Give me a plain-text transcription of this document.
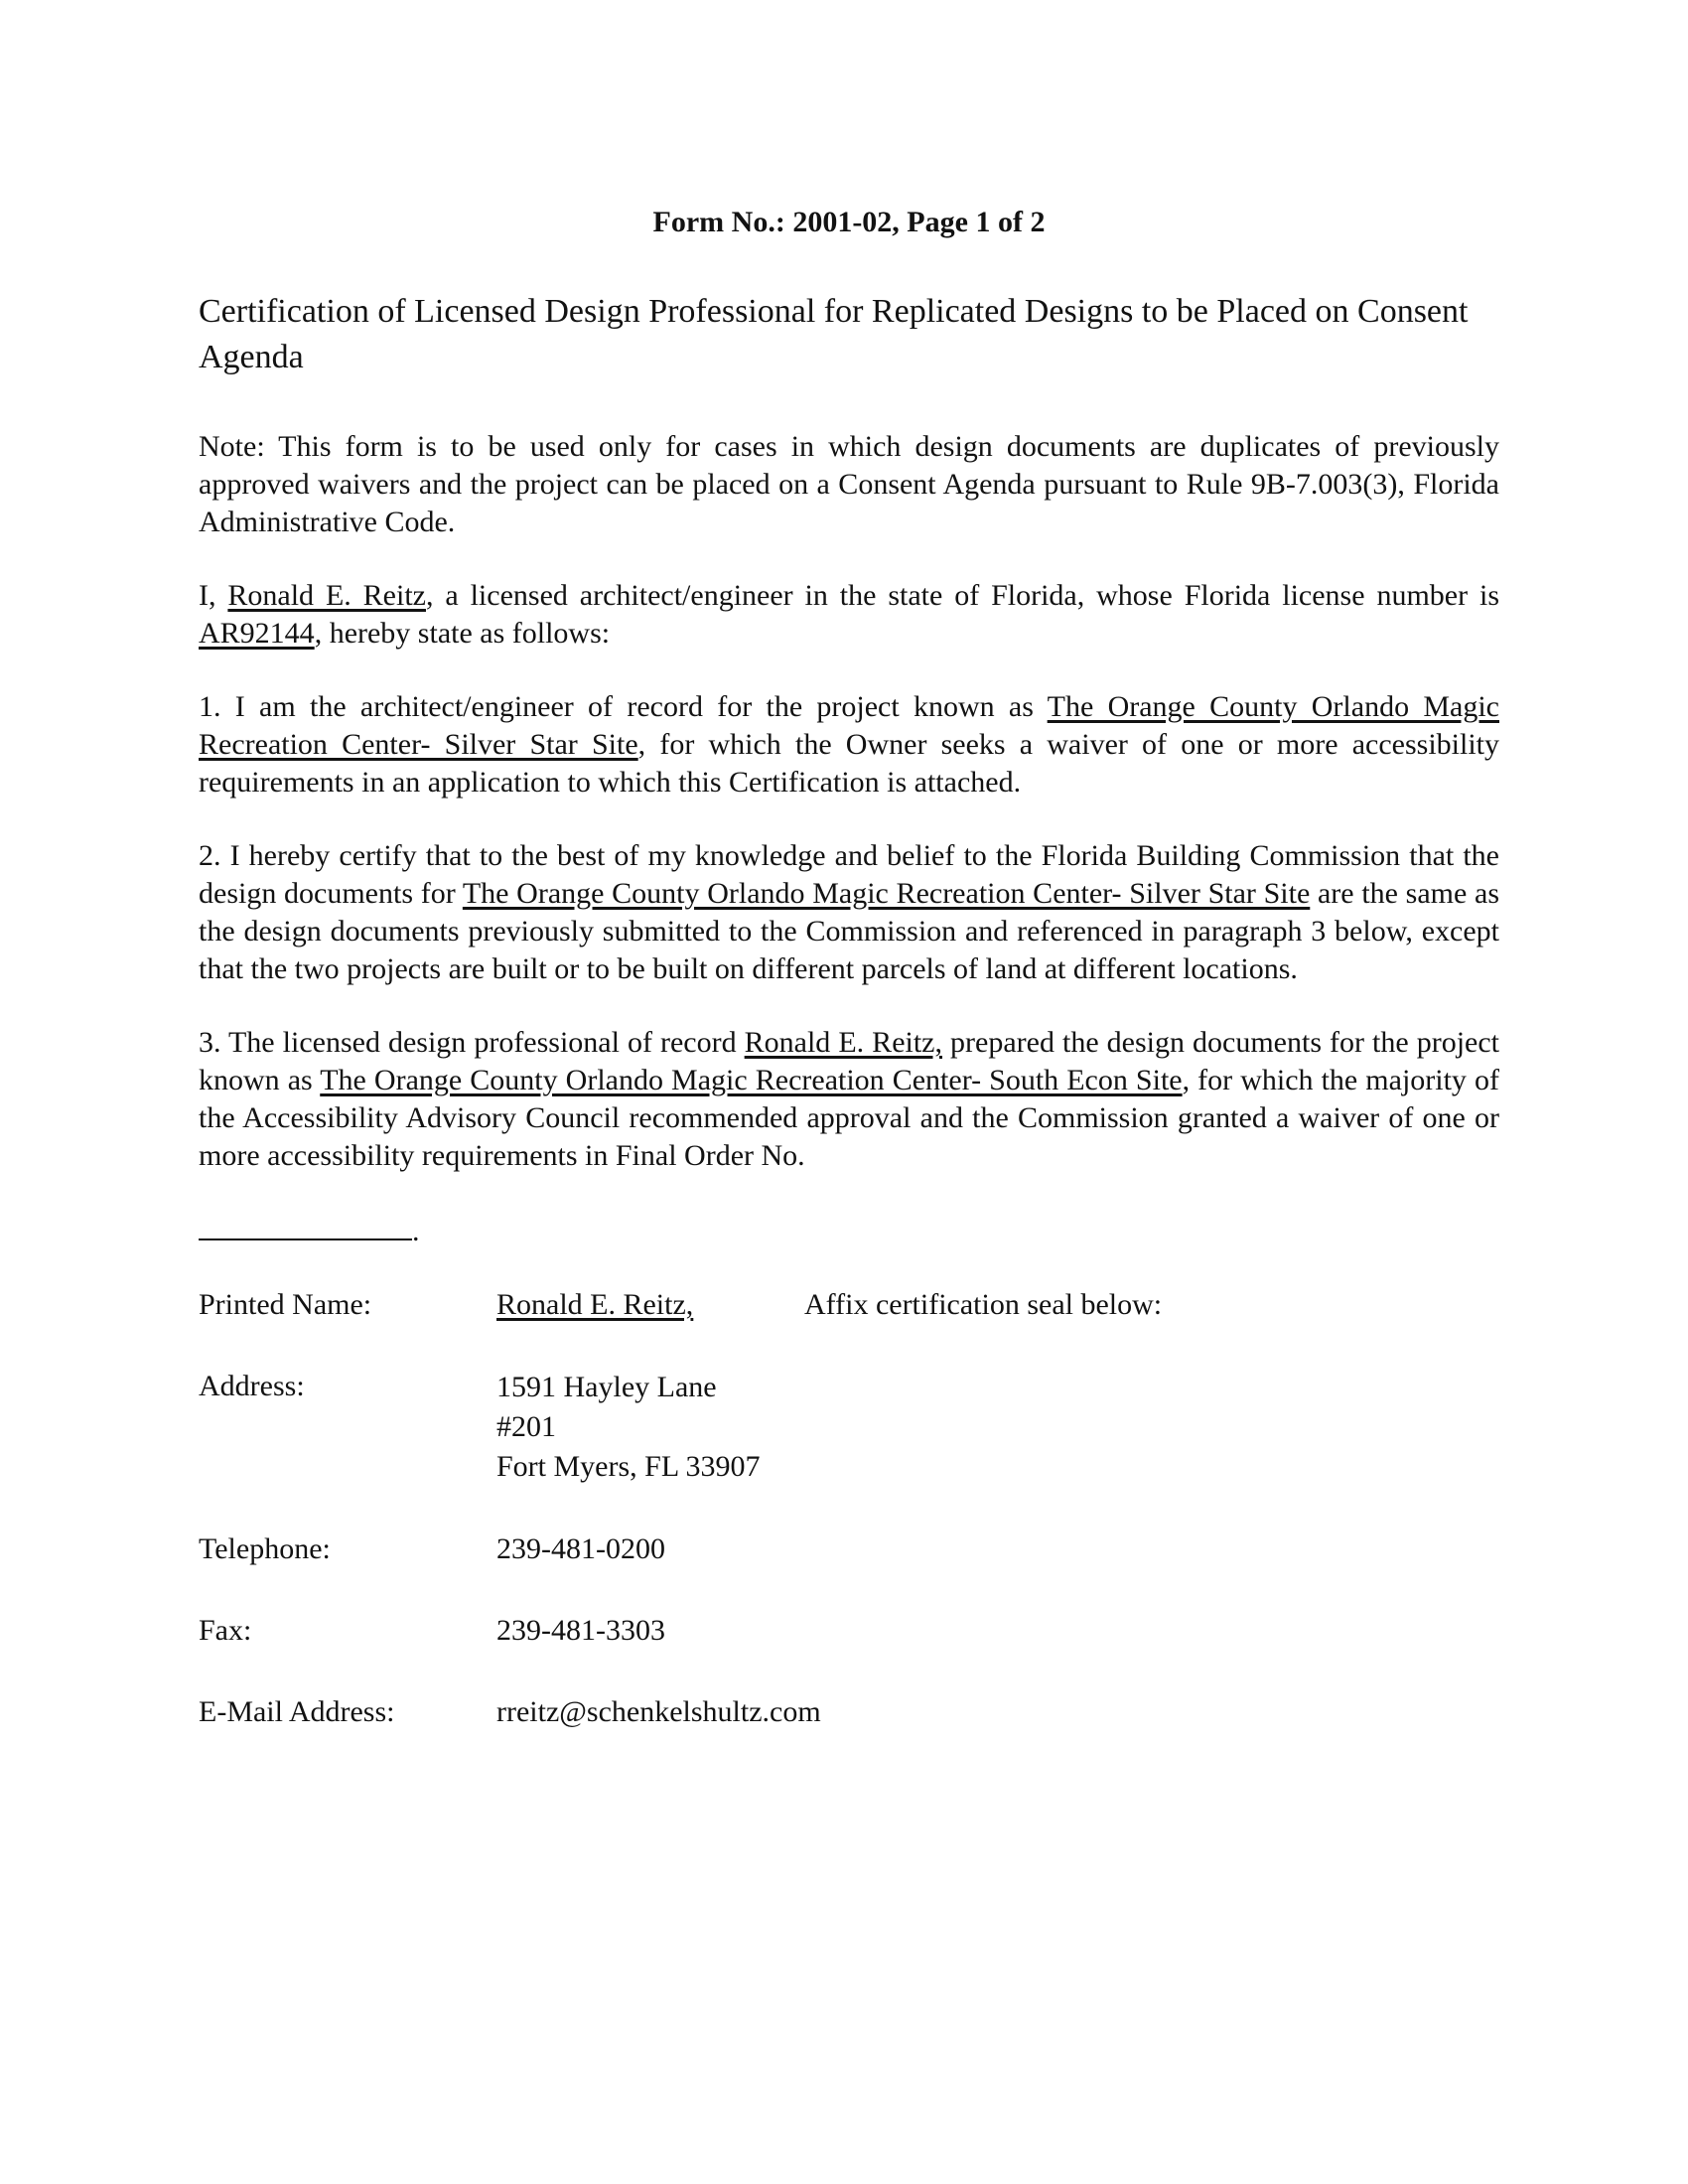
Form No.: 2001-02, Page 1 of 2
Certification of Licensed Design Professional for Replicated Designs to be Placed on Consent Agenda

Note: This form is to be used only for cases in which design documents are duplicates of previously approved waivers and the project can be placed on a Consent Agenda pursuant to Rule 9B-7.003(3), Florida Administrative Code.

I, Ronald E. Reitz, a licensed architect/engineer in the state of Florida, whose Florida license number is AR92144, hereby state as follows:

1. I am the architect/engineer of record for the project known as The Orange County Orlando Magic Recreation Center- Silver Star Site, for which the Owner seeks a waiver of one or more accessibility requirements in an application to which this Certification is attached.

2. I hereby certify that to the best of my knowledge and belief to the Florida Building Commission that the design documents for The Orange County Orlando Magic Recreation Center- Silver Star Site are the same as the design documents previously submitted to the Commission and referenced in paragraph 3 below, except that the two projects are built or to be built on different parcels of land at different locations.

3. The licensed design professional of record Ronald E. Reitz, prepared the design documents for the project known as The Orange County Orlando Magic Recreation Center- South Econ Site, for which the majority of the Accessibility Advisory Council recommended approval and the Commission granted a waiver of one or more accessibility requirements in Final Order No.

.
Printed Name:	Ronald E. Reitz,	Affix certification seal below:
Address:	1591 Hayley Lane
#201
Fort Myers, FL 33907
Telephone:	239-481-0200
Fax:	239-481-3303
E-Mail Address:	rreitz@schenkelshultz.com
